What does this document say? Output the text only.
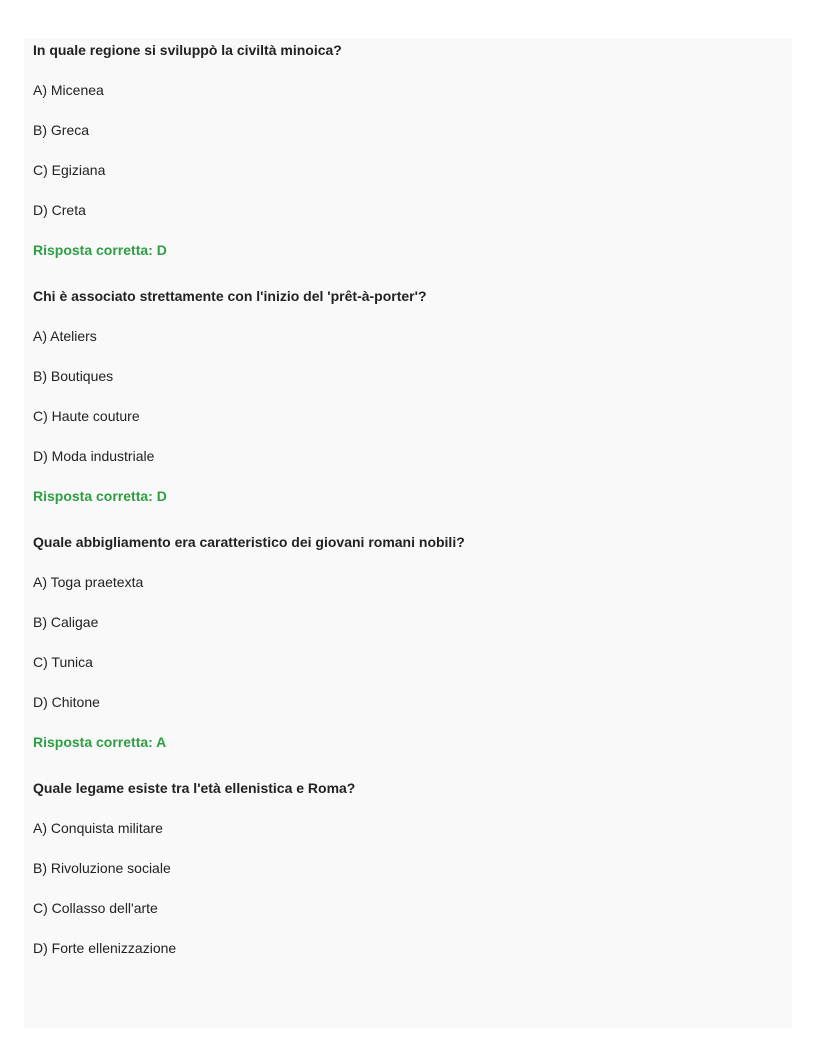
In quale regione si sviluppò la civiltà minoica?

A) Micenea

B) Greca

C) Egiziana

D) Creta

Risposta corretta: D

Chi è associato strettamente con l'inizio del 'prêt-à-porter'?

A) Ateliers

B) Boutiques

C) Haute couture

D) Moda industriale

Risposta corretta: D

Quale abbigliamento era caratteristico dei giovani romani nobili?

A) Toga praetexta

B) Caligae

C) Tunica

D) Chitone

Risposta corretta: A

Quale legame esiste tra l'età ellenistica e Roma?

A) Conquista militare

B) Rivoluzione sociale

C) Collasso dell'arte

D) Forte ellenizzazione
